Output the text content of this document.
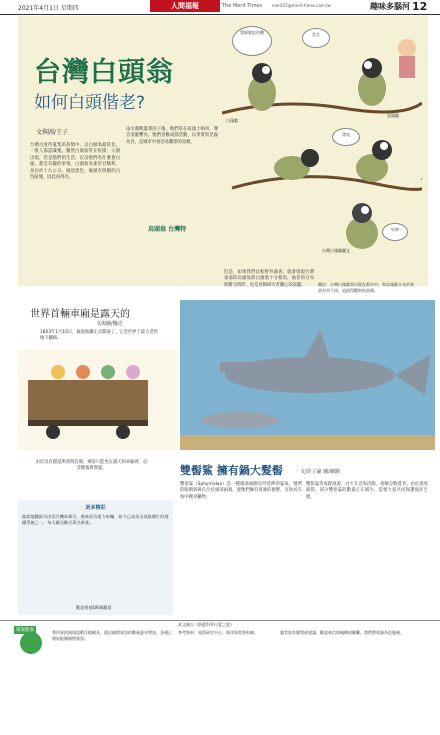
2021年4月1日 星期四	人間福報	The Merit Times merit21@merit-times.com.tw	趣味多腦河 12
台灣白頭翁
如何白頭偕老?
文與圖/王子
台灣百度所蒐集的鳥類中，以白頭翁最常見，一般人都認識牠。雖然白頭翁常在校園、公園出現，但是牠們的生活，以及牠們為什麼會白頭，都是有趣的事情。白頭翁為雀形目鵯科，身長約十九公分，頭頂黑色，後頭有明顯的白色區塊，因此而得名。
雨水潤飽葉菜因子後，牠們常在枝頭上鳴叫，聲音清脆響亮。牠們喜歡成群活動，以果實與昆蟲為食，是城市中很容易觀察的鳥類。
烏頭翁 台灣特
但是，如果我們比較野外調查，就會發現台灣東部的烏頭翁與白頭翁十分相似，兩者的分布與雜交情形，也是鳥類研究者關心的話題。
我唱歌給你聽	美女
漂亮
好棒
白頭翁
烏頭翁
台灣白頭翁圖文
攝註：台灣白頭翁常出現在都市中，和烏頭翁分布於東部有所不同，是值得觀察的鳥類。
世界首輛車廂是露天的
文與圖/魏克
1803年1月10日，倫敦地鐵正式開通了，它是世界上最古老的地下鐵路。
由於沒有隧道與照明設備，乘客只能坐在露天的車廂裡，忍受煙霧與寒風。
更多精彩
倫敦地鐵最早由蒸汽機車牽引，後來改為電力車輛，如今已成為全球最繁忙的地鐵系統之一，每天載送數百萬名乘客。
歡迎掃描QR碼觀看
雙髻鯊 擁有鍋大髮髻	文/許立豪 圖/網路
雙髻鯊（Sphyrnidae）是一種頭部兩側向外延伸的鯊魚，牠們的眼睛與鼻孔位於頭部兩端，使牠們擁有寬廣的視野，有助於在海中搜尋獵物。
雙髻鯊常成群洄游，白天在近海活動，夜晚分散覓食。由於過度捕撈，部分雙髻鯊的數量正在減少，需要大家共同保護海洋生態。
本文摘自《湛藍科學可愛之旅》
環保健康	利用垂釣鉤與流動浮標網具，漁民捕撈鯊魚的數量逐年增加，各國已開始限制捕撈鯊魚。
參考資料：鯊魚研究中心、海洋保育資料庫。	讀者如有疑問或建議，歡迎來信與編輯部聯繫，我們將竭誠為您服務。
